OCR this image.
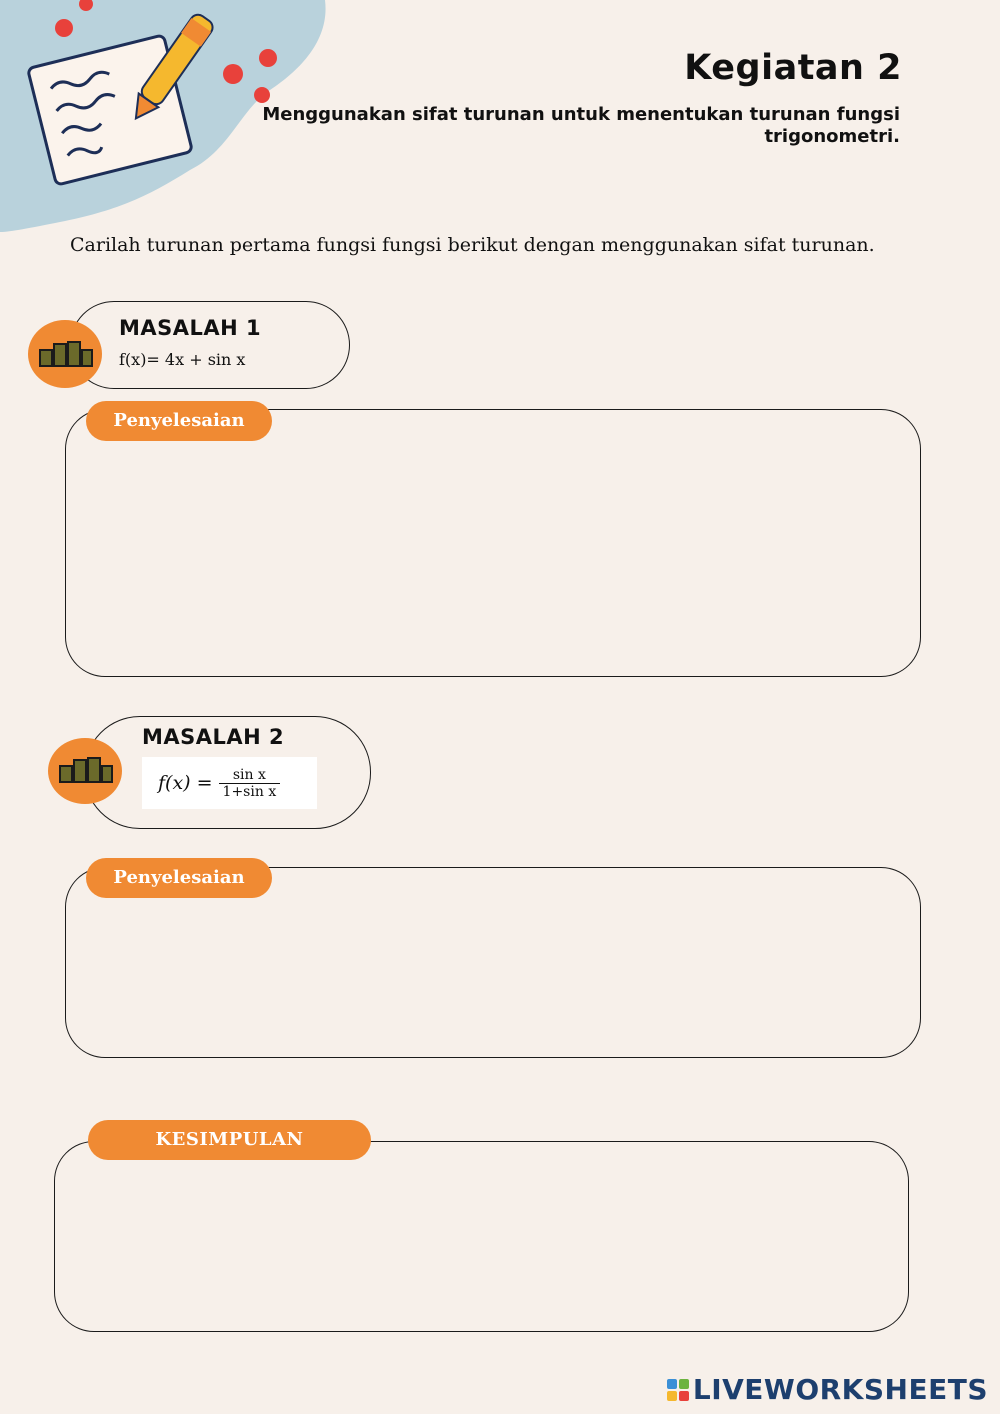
Kegiatan 2

Menggunakan sifat turunan untuk menentukan turunan fungsi trigonometri.

Carilah turunan pertama fungsi fungsi berikut dengan menggunakan sifat turunan.

MASALAH 1
f(x)= 4x + sin x
Penyelesaian
MASALAH 2
$f(x) = \frac{\text{sin x}}{\text{1+sin x}}$
Penyelesaian
KESIMPULAN
LIVEWORKSHEETS
